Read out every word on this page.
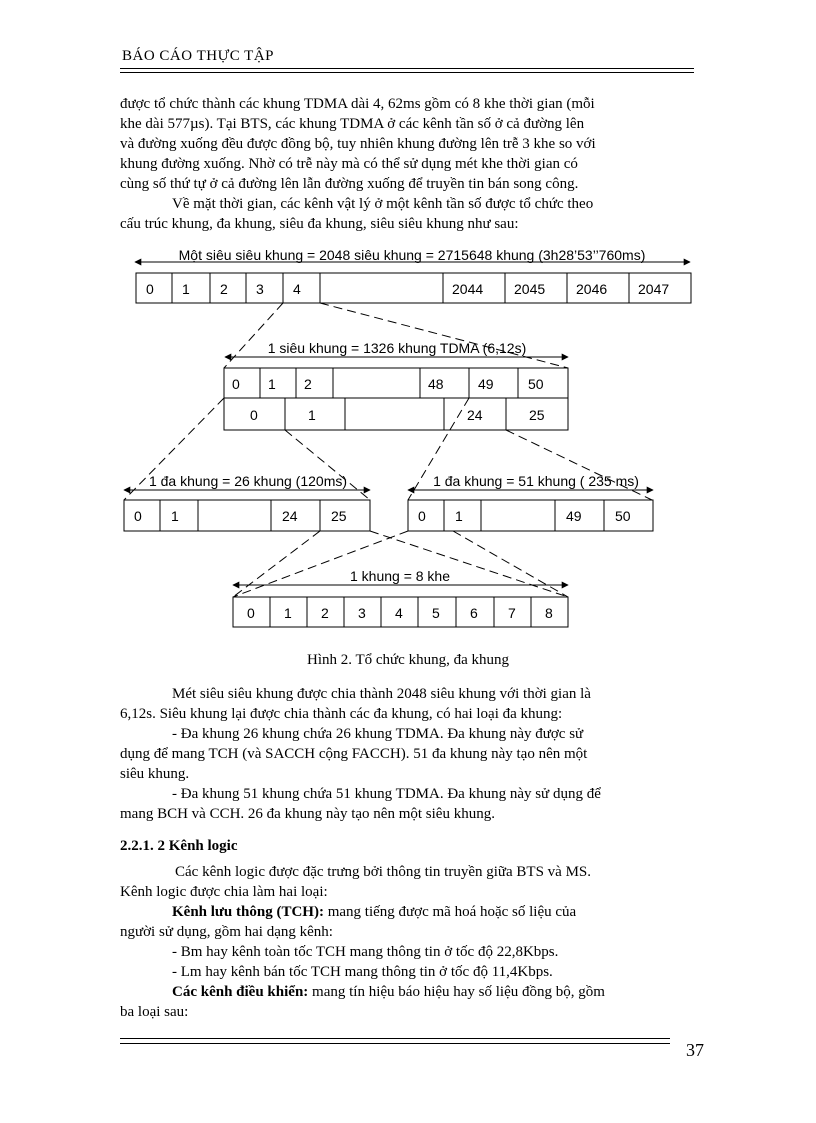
BÁO CÁO THỰC TẬP
được tổ chức thành các khung TDMA dài 4, 62ms gồm có 8 khe thời gian (mỗi
khe dài 577µs). Tại BTS, các khung TDMA ở các kênh tần số ở cả đường lên
và đường xuống đều được đồng bộ, tuy nhiên khung đường lên trễ 3 khe so với
khung đường xuống. Nhờ có trễ này mà có thể sử dụng mét khe thời gian có
cùng số thứ tự ở cả đường lên lẫn đường xuống để truyền tin bán song công.
Về mặt thời gian, các kênh vật lý ở một kênh tần số được tổ chức theo
cấu trúc khung, đa khung, siêu đa khung, siêu siêu khung như sau:
Một siêu siêu khung = 2048 siêu khung = 2715648 khung (3h28’53’’760ms)
0 1 2 3 4	2044 2045 2046 2047
1 siêu khung = 1326 khung TDMA (6,12s)
0 1 2	48 49 50
0	1	24	25
1 đa khung = 26 khung (120ms)
0 1	24 25
1 đa khung = 51 khung ( 235 ms)
0 1	49 50
1 khung = 8 khe
0 1 2 3 4 5 6 7 8
Hình 2. Tổ chức khung, đa khung
Mét siêu siêu khung được chia thành 2048 siêu khung với thời gian là
6,12s. Siêu khung lại được chia thành các đa khung, có hai loại đa khung:
- Đa khung 26 khung chứa 26 khung TDMA. Đa khung này được sử
dụng để mang TCH (và SACCH cộng FACCH). 51 đa khung này tạo nên một
siêu khung.
- Đa khung 51 khung chứa 51 khung TDMA. Đa khung này sử dụng để
mang BCH và CCH. 26 đa khung này tạo nên một siêu khung.
2.2.1. 2 Kênh logic
Các kênh logic được đặc trưng bởi thông tin truyền giữa BTS và MS.
Kênh logic được chia làm hai loại:
Kênh lưu thông (TCH): mang tiếng được mã hoá hoặc số liệu của
người sử dụng, gồm hai dạng kênh:
- Bm hay kênh toàn tốc TCH mang thông tin ở tốc độ 22,8Kbps.
- Lm hay kênh bán tốc TCH mang thông tin ở tốc độ 11,4Kbps.
Các kênh điều khiển: mang tín hiệu báo hiệu hay số liệu đồng bộ, gồm
ba loại sau:
37
